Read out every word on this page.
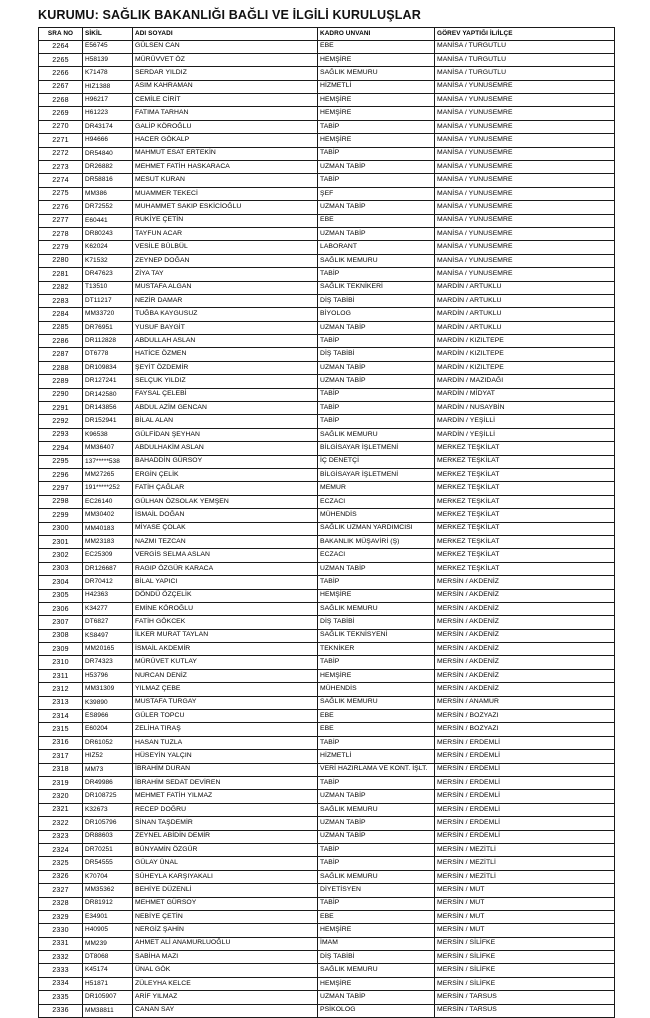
KURUMU: SAĞLIK BAKANLIĞI BAĞLI VE İLGİLİ KURULUŞLAR
SRA NO	SİKİL	ADI SOYADI	KADRO UNVANI	GÖREV YAPTIĞI İL/İLÇE
2264	E56745	GÜLSEN CAN	EBE	MANİSA / TURGUTLU
2265	H58139	MÜRÜVVET ÖZ	HEMŞİRE	MANİSA / TURGUTLU
2266	K71478	SERDAR YILDIZ	SAĞLIK MEMURU	MANİSA / TURGUTLU
2267	HIZ1388	ASIM KAHRAMAN	HİZMETLİ	MANİSA / YUNUSEMRE
2268	H96217	CEMİLE CİRİT	HEMŞİRE	MANİSA / YUNUSEMRE
2269	H61223	FATIMA TARHAN	HEMŞİRE	MANİSA / YUNUSEMRE
2270	DR43174	GALİP KÖROĞLU	TABİP	MANİSA / YUNUSEMRE
2271	H94666	HACER GÖKALP	HEMŞİRE	MANİSA / YUNUSEMRE
2272	DR54840	MAHMUT ESAT ERTEKİN	TABİP	MANİSA / YUNUSEMRE
2273	DR26882	MEHMET FATİH HASKARACA	UZMAN TABİP	MANİSA / YUNUSEMRE
2274	DR58816	MESUT KURAN	TABİP	MANİSA / YUNUSEMRE
2275	MM386	MUAMMER TEKECİ	ŞEF	MANİSA / YUNUSEMRE
2276	DR72552	MUHAMMET SAKIP ESKİCİOĞLU	UZMAN TABİP	MANİSA / YUNUSEMRE
2277	E60441	RUKİYE ÇETİN	EBE	MANİSA / YUNUSEMRE
2278	DR80243	TAYFUN ACAR	UZMAN TABİP	MANİSA / YUNUSEMRE
2279	K62024	VESİLE BÜLBÜL	LABORANT	MANİSA / YUNUSEMRE
2280	K71532	ZEYNEP DOĞAN	SAĞLIK MEMURU	MANİSA / YUNUSEMRE
2281	DR47623	ZİYA TAY	TABİP	MANİSA / YUNUSEMRE
2282	T13510	MUSTAFA ALGAN	SAĞLIK TEKNİKERİ	MARDİN / ARTUKLU
2283	DT11217	NEZİR DAMAR	DİŞ TABİBİ	MARDİN / ARTUKLU
2284	MM33720	TUĞBA KAYGUSUZ	BİYOLOG	MARDİN / ARTUKLU
2285	DR76951	YUSUF BAYGİT	UZMAN TABİP	MARDİN / ARTUKLU
2286	DR112828	ABDULLAH ASLAN	TABİP	MARDİN / KIZILTEPE
2287	DT6778	HATİCE ÖZMEN	DİŞ TABİBİ	MARDİN / KIZILTEPE
2288	DR109834	ŞEYİT ÖZDEMİR	UZMAN TABİP	MARDİN / KIZILTEPE
2289	DR127241	SELÇUK YILDIZ	UZMAN TABİP	MARDİN / MAZIDAĞI
2290	DR142580	FAYSAL ÇELEBİ	TABİP	MARDİN / MİDYAT
2291	DR143856	ABDUL AZİM GENCAN	TABİP	MARDİN / NUSAYBİN
2292	DR152941	BİLAL ALAN	TABİP	MARDİN / YEŞİLLİ
2293	K96538	GÜLFİDAN ŞEYHAN	SAĞLIK MEMURU	MARDİN / YEŞİLLİ
2294	MM36407	ABDULHAKİM ASLAN	BİLGİSAYAR İŞLETMENİ	MERKEZ TEŞKİLAT
2295	137*****538	BAHADDİN GÜRSOY	İÇ DENETÇİ	MERKEZ TEŞKİLAT
2296	MM27265	ERGİN ÇELİK	BİLGİSAYAR İŞLETMENİ	MERKEZ TEŞKİLAT
2297	191*****252	FATİH ÇAĞLAR	MEMUR	MERKEZ TEŞKİLAT
2298	EC26140	GÜLHAN ÖZSOLAK YEMŞEN	ECZACI	MERKEZ TEŞKİLAT
2299	MM30402	İSMAİL DOĞAN	MÜHENDİS	MERKEZ TEŞKİLAT
2300	MM40183	MİYASE ÇOLAK	SAĞLIK UZMAN YARDIMCISI	MERKEZ TEŞKİLAT
2301	MM23183	NAZMI TEZCAN	BAKANLIK MÜŞAVİRİ (Ş)	MERKEZ TEŞKİLAT
2302	EC25309	VERGİS SELMA ASLAN	ECZACI	MERKEZ TEŞKİLAT
2303	DR126687	RAGIP ÖZGÜR KARACA	UZMAN TABİP	MERKEZ TEŞKİLAT
2304	DR70412	BİLAL YAPICI	TABİP	MERSİN / AKDENİZ
2305	H42363	DÖNDÜ ÖZÇELİK	HEMŞİRE	MERSİN / AKDENİZ
2306	K34277	EMİNE KÖROĞLU	SAĞLIK MEMURU	MERSİN / AKDENİZ
2307	DT6827	FATİH GÖKCEK	DİŞ TABİBİ	MERSİN / AKDENİZ
2308	KS8497	İLKER MURAT TAYLAN	SAĞLIK TEKNİSYENİ	MERSİN / AKDENİZ
2309	MM20165	İSMAİL AKDEMİR	TEKNİKER	MERSİN / AKDENİZ
2310	DR74323	MÜRÜVET KUTLAY	TABİP	MERSİN / AKDENİZ
2311	H53796	NURCAN DENİZ	HEMŞİRE	MERSİN / AKDENİZ
2312	MM31309	YILMAZ ÇEBE	MÜHENDİS	MERSİN / AKDENİZ
2313	K39890	MUSTAFA TURGAY	SAĞLIK MEMURU	MERSİN / ANAMUR
2314	ES8966	GÜLER TOPCU	EBE	MERSİN / BOZYAZI
2315	E60204	ZELİHA TIRAŞ	EBE	MERSİN / BOZYAZI
2316	DR61052	HASAN TUZLA	TABİP	MERSİN / ERDEMLİ
2317	HIZ52	HÜSEYİN YALÇIN	HİZMETLİ	MERSİN / ERDEMLİ
2318	MM73	İBRAHİM DURAN	VERİ HAZIRLAMA VE KONT. İŞLT.	MERSİN / ERDEMLİ
2319	DR49986	İBRAHİM SEDAT DEVİREN	TABİP	MERSİN / ERDEMLİ
2320	DR108725	MEHMET FATİH YILMAZ	UZMAN TABİP	MERSİN / ERDEMLİ
2321	K32673	RECEP DOĞRU	SAĞLIK MEMURU	MERSİN / ERDEMLİ
2322	DR105796	SİNAN TAŞDEMİR	UZMAN TABİP	MERSİN / ERDEMLİ
2323	DR88603	ZEYNEL ABİDİN DEMİR	UZMAN TABİP	MERSİN / ERDEMLİ
2324	DR70251	BÜNYAMİN ÖZGÜR	TABİP	MERSİN / MEZİTLİ
2325	DR54555	GÜLAY ÜNAL	TABİP	MERSİN / MEZİTLİ
2326	K70704	SÜHEYLA KARŞIYAKALI	SAĞLIK MEMURU	MERSİN / MEZİTLİ
2327	MM35362	BEHİYE DÜZENLİ	DİYETİSYEN	MERSİN / MUT
2328	DR81912	MEHMET GÜRSOY	TABİP	MERSİN / MUT
2329	E34901	NEBİYE ÇETİN	EBE	MERSİN / MUT
2330	H40905	NERGİZ ŞAHİN	HEMŞİRE	MERSİN / MUT
2331	MM239	AHMET ALİ ANAMURLUOĞLU	İMAM	MERSİN / SİLİFKE
2332	DT8068	SABİHA MAZI	DİŞ TABİBİ	MERSİN / SİLİFKE
2333	K45174	ÜNAL GÖK	SAĞLIK MEMURU	MERSİN / SİLİFKE
2334	H51871	ZÜLEYHA KELCE	HEMŞİRE	MERSİN / SİLİFKE
2335	DR105907	ARİF YILMAZ	UZMAN TABİP	MERSİN / TARSUS
2336	MM38811	CANAN SAY	PSİKOLOG	MERSİN / TARSUS
